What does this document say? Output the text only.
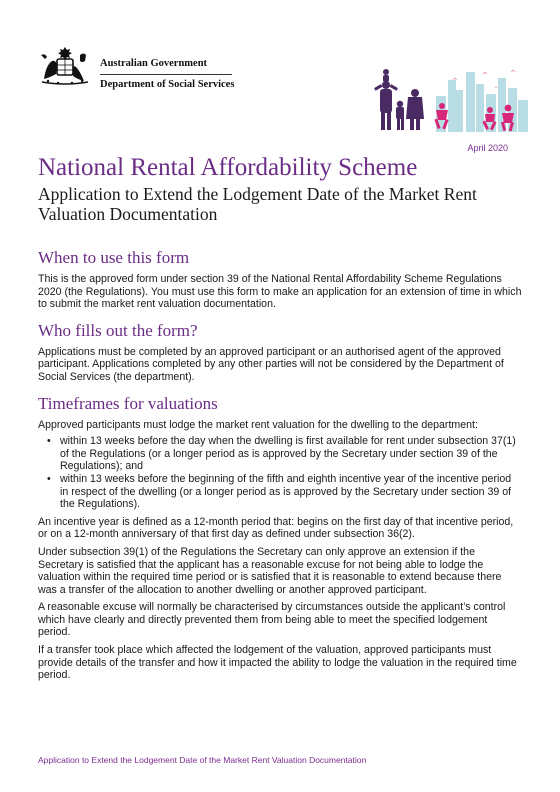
Australian Government
Department of Social Services
April 2020
National Rental Affordability Scheme
Application to Extend the Lodgement Date of the Market Rent Valuation Documentation
When to use this form

This is the approved form under section 39 of the National Rental Affordability Scheme Regulations 2020 (the Regulations). You must use this form to make an application for an extension of time in which to submit the market rent valuation documentation.

Who fills out the form?

Applications must be completed by an approved participant or an authorised agent of the approved participant. Applications completed by any other parties will not be considered by the Department of Social Services (the department).

Timeframes for valuations

Approved participants must lodge the market rent valuation for the dwelling to the department:

• within 13 weeks before the day when the dwelling is first available for rent under subsection 37(1) of the Regulations (or a longer period as is approved by the Secretary under section 39 of the Regulations); and
• within 13 weeks before the beginning of the fifth and eighth incentive year of the incentive period in respect of the dwelling (or a longer period as is approved by the Secretary under section 39 of the Regulations).

An incentive year is defined as a 12-month period that: begins on the first day of that incentive period, or on a 12-month anniversary of that first day as defined under subsection 36(2).

Under subsection 39(1) of the Regulations the Secretary can only approve an extension if the Secretary is satisfied that the applicant has a reasonable excuse for not being able to lodge the valuation within the required time period or is satisfied that it is reasonable to extend because there was a transfer of the allocation to another dwelling or another approved participant.

A reasonable excuse will normally be characterised by circumstances outside the applicant’s control which have clearly and directly prevented them from being able to meet the specified lodgement period.

If a transfer took place which affected the lodgement of the valuation, approved participants must provide details of the transfer and how it impacted the ability to lodge the valuation in the required time period.

Application to Extend the Lodgement Date of the Market Rent Valuation Documentation
